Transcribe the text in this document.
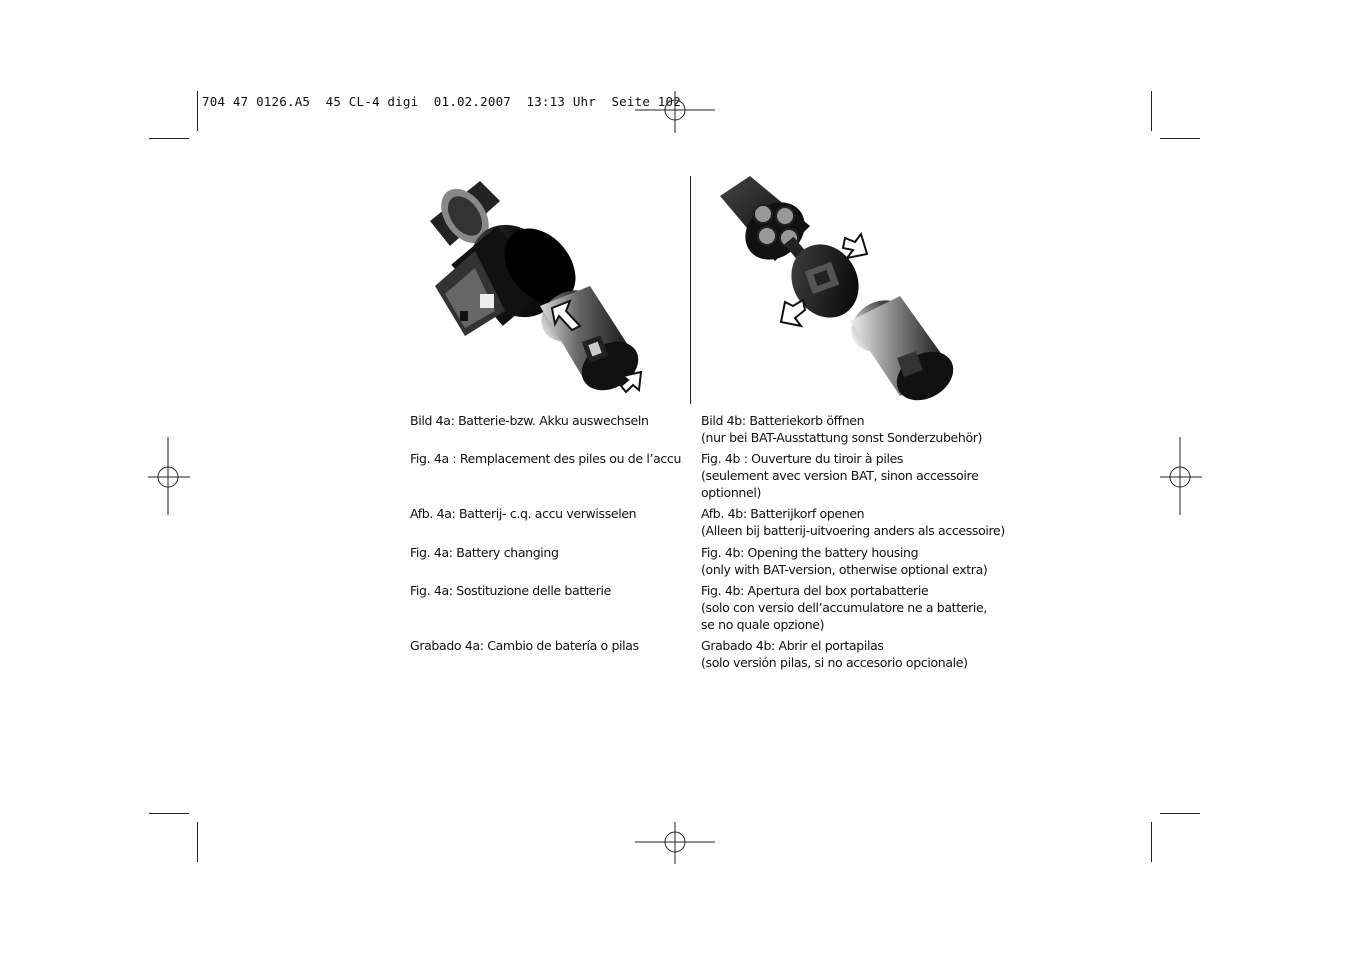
704 47 0126.A5  45 CL-4 digi  01.02.2007  13:13 Uhr  Seite 102
Bild 4a: Batterie-bzw. Akku auswechseln
Fig. 4a : Remplacement des piles ou de l’accu
Afb. 4a: Batterij- c.q. accu verwisselen
Fig. 4a: Battery changing
Fig. 4a: Sostituzione delle batterie
Grabado 4a: Cambio de batería o pilas
Bild 4b: Batteriekorb öffnen
(nur bei BAT-Ausstattung sonst Sonderzubehör)
Fig. 4b : Ouverture du tiroir à piles
(seulement avec version BAT, sinon accessoire
optionnel)
Afb. 4b: Batterijkorf openen
(Alleen bij batterij-uitvoering anders als accessoire)
Fig. 4b: Opening the battery housing
(only with BAT-version, otherwise optional extra)
Fig. 4b: Apertura del box portabatterie
(solo con versio dell’accumulatore ne a batterie,
se no quale opzione)
Grabado 4b: Abrir el portapilas
(solo versión pilas, si no accesorio opcionale)
